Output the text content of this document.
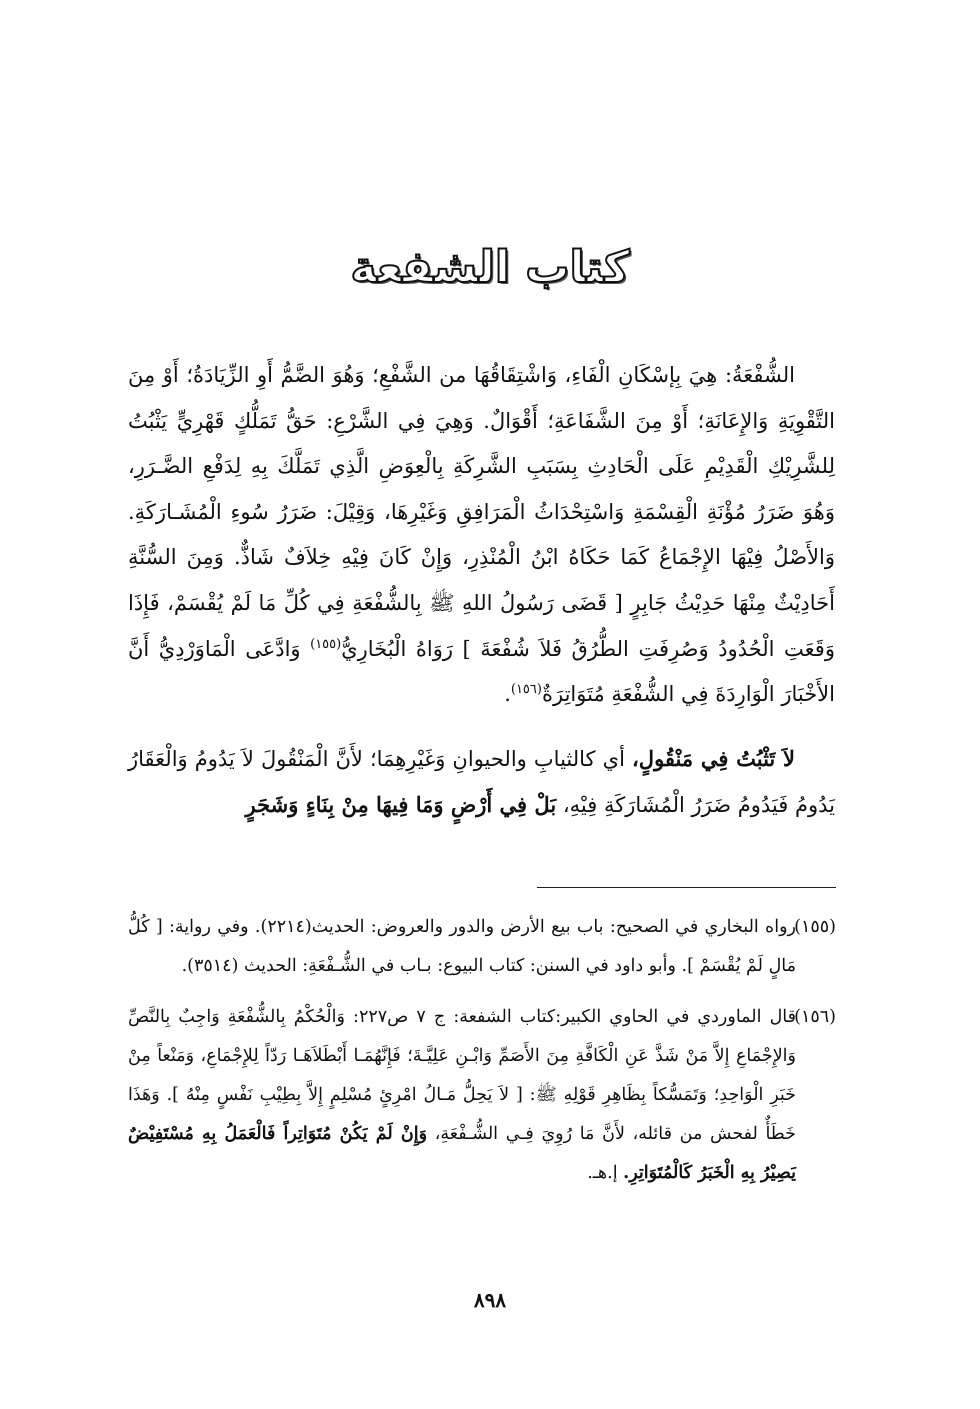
كتاب الشفعة

الشُّفْعَةُ: هِيَ بِإسْكَانِ الْفَاءِ، وَاشْتِقَاقُهَا من الشَّفْعِ؛ وَهُوَ الضَّمُّ أَوِ الزِّيَادَةُ؛ أَوْ مِنَ التَّقْوِيَةِ وَالإِعَانَةِ؛ أَوْ مِنَ الشَّفَاعَةِ؛ أَقْوَالٌ. وَهِيَ فِي الشَّرْعِ: حَقُّ تَمَلُّكٍ قَهْرِيٍّ يَثْبُتُ لِلشَّرِيْكِ الْقَدِيْمِ عَلَى الْحَادِثِ بِسَبَبِ الشَّرِكَةِ بِالْعِوَضِ الَّذِي تَمَلَّكَ بِهِ لِدَفْعِ الضَّـرَرِ، وَهُوَ ضَرَرُ مُؤْنَةِ الْقِسْمَةِ وَاسْتِحْدَاثُ الْمَرَافِقِ وَغَيْرِهَا، وَقِيْلَ: ضَرَرُ سُوءِ الْمُشَـارَكَةِ. وَالأَصْلُ فِيْهَا الإِجْمَاعُ كَمَا حَكَاهُ ابْنُ الْمُنْذِرِ، وَإِنْ كَانَ فِيْهِ خِلاَفٌ شَاذٌّ. وَمِنَ السُّنَّةِ أَحَادِيْثٌ مِنْهَا حَدِيْثُ جَابِرٍ [ قَضَى رَسُولُ اللهِ ﷺ بِالشُّفْعَةِ فِي كُلِّ مَا لَمْ يُقْسَمْ، فَإِذَا وَقَعَتِ الْحُدُودُ وَصُرِفَتِ الطُّرُقُ فَلاَ شُفْعَةَ ] رَوَاهُ الْبُخَارِيُّ$^{(١٥٥)}$ وَادَّعَى الْمَاوَرْدِيُّ أَنَّ الأَخْبَارَ الْوَارِدَةَ فِي الشُّفْعَةِ مُتَوَاتِرَةٌ$^{(١٥٦)}$.

لاَ تَثْبُتُ فِي مَنْقُولٍ، أي كالثيابِ والحيوانِ وَغَيْرِهِمَا؛ لأَنَّ الْمَنْقُولَ لاَ يَدُومُ وَالْعَقَارُ يَدُومُ فَيَدُومُ ضَرَرُ الْمُشَارَكَةِ فِيْهِ، بَلْ فِي أَرْضٍ وَمَا فِيهَا مِنْ بِنَاءٍ وَشَجَرٍ

(١٥٥)رواه البخاري في الصحيح: باب بيع الأرض والدور والعروض: الحديث(٢٢١٤). وفي رواية: [ كُلُّ مَالٍ لَمْ يُقْسَمْ ]. وأبو داود في السنن: كتاب البيوع: بـاب في الشُّـفْعَةِ: الحديث (٣٥١٤).

(١٥٦)قال الماوردي في الحاوي الكبير:كتاب الشفعة: ج ٧ ص٢٢٧: وَالْحُكْمُ بِالشُّفْعَةِ وَاجِبٌ بِالنَّصِّ وَالإِجْمَاعِ إِلاَّ مَنْ شَذَّ عَنِ الْكَافَّةِ مِنَ الأَصَمِّ وَابْـنِ عَلِيَّـةَ؛ فَإِنَّهُمَـا أَبْطَلاَهَـا رَدّاً لِلإِجْمَاعِ، وَمَنْعاً مِنْ خَبَرِ الْوَاحِدِ؛ وَتَمَسُّكاً بِظَاهِرِ قَوْلِهِ ﷺ: [ لاَ يَحِلُّ مَـالُ امْرِئٍ مُسْلِمٍ إِلاَّ بِطِيْبِ نَفْسٍ مِنْهُ ]. وَهَذَا خَطَأٌ لفحش من قائله، لأَنَّ مَا رُوِيَ فِـي الشُّـفْعَةِ، وَإِنْ لَمْ يَكُنْ مُتَوَاتِراً فَالْعَمَلُ بِهِ مُسْتَفِيْضٌ يَصِيْرُ بِهِ الْخَبَرُ كَالْمُتَوَاتِرِ. إ.هـ.

٨٩٨
